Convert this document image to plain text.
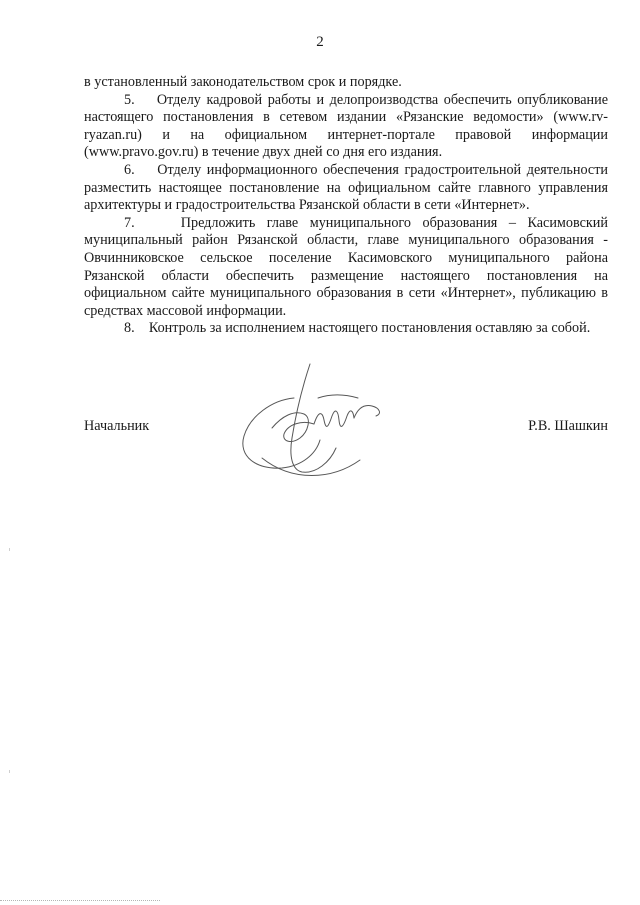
2

в установленный законодательством срок и порядке.

5.    Отделу кадровой работы и делопроизводства обеспечить опубликование настоящего постановления в сетевом издании «Рязанские ведомости» (www.rv-ryazan.ru) и на официальном интернет-портале правовой информации (www.pravo.gov.ru) в течение двух дней со дня его издания.

6.    Отделу информационного обеспечения градостроительной деятельности разместить настоящее постановление на официальном сайте главного управления архитектуры и градостроительства Рязанской области в сети «Интернет».

7.    Предложить главе муниципального образования – Касимовский муниципальный район Рязанской области, главе муниципального образования - Овчинниковское сельское поселение Касимовского муниципального района Рязанской области обеспечить размещение настоящего постановления на официальном сайте муниципального образования в сети «Интернет», публикацию в средствах массовой информации.

8.    Контроль за исполнением настоящего постановления оставляю за собой.

Начальник	Р.В. Шашкин
